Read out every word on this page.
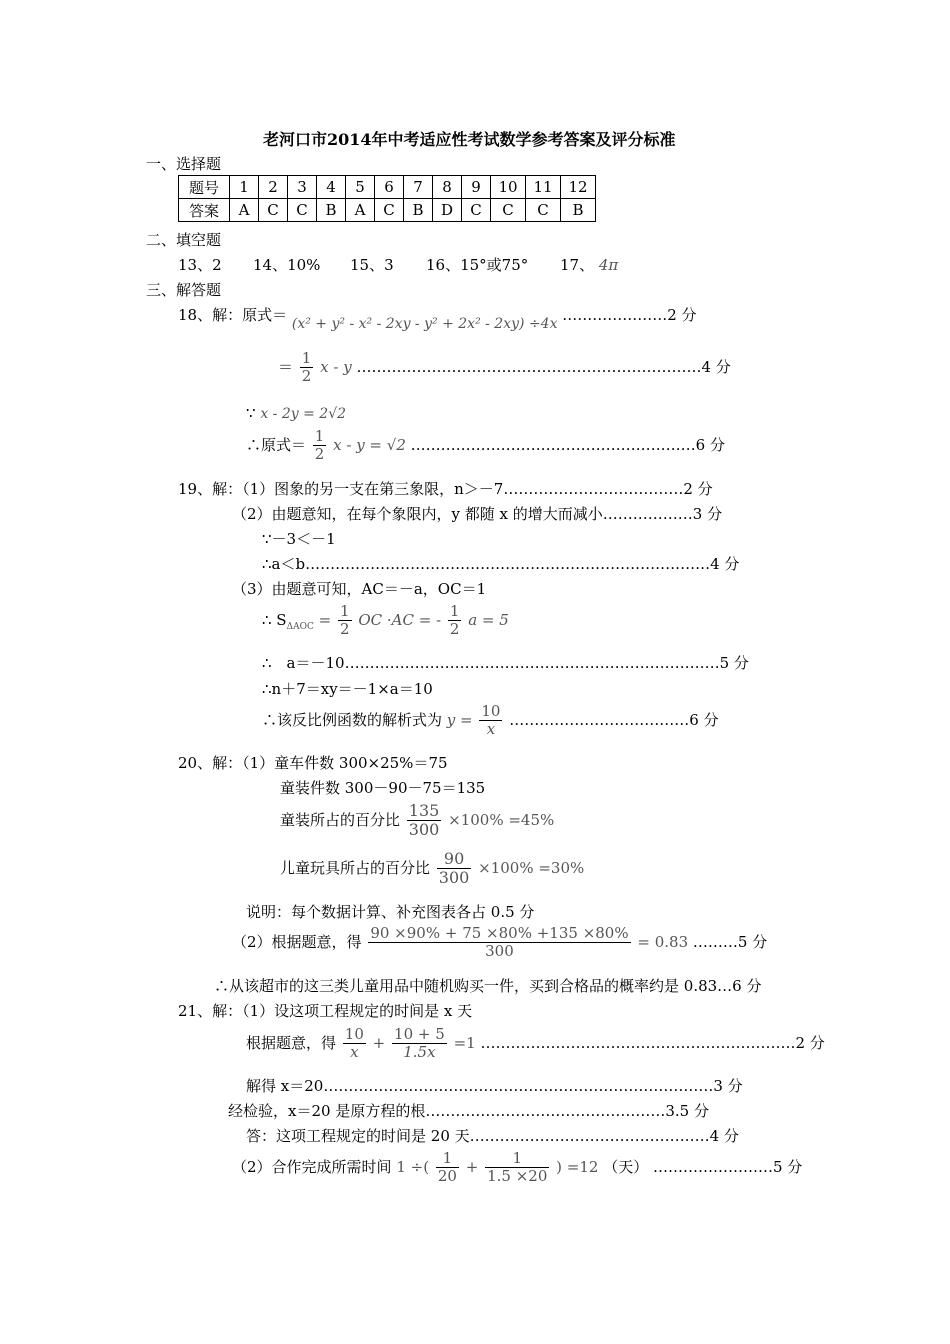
老河口市2014年中考适应性考试数学参考答案及评分标准
一、选择题
题号	1	2	3	4	5	6	7	8	9	10	11	12
答案	A	C	C	B	A	C	B	D	C	C	C	B
二、填空题
13、2 14、10% 15、3 16、15°或75° 17、 4π
三、解答题
18、解：原式＝ (x² + y² - x² - 2xy - y² + 2x² - 2xy) ÷4x …………………2 分
＝ $\frac{1}{2}$ x - y ……………………………………………………………4 分
∵ x - 2y = 2√2
∴原式＝ $\frac{1}{2}$ x - y = √2 …………………………………………………6 分
19、解：（1）图象的另一支在第三象限，n＞－7………………………………2 分
（2）由题意知，在每个象限内，y 都随 x 的增大而减小………………3 分
∵－3＜－1
∴a＜b………………………………………………………………………4 分
（3）由题意可知，AC＝－a，OC＝1
∴ $S_{\Delta AOC} = \frac{1}{2}$ OC ·AC = - $\frac{1}{2}$ a = 5
∴　a＝－10…………………………………………………………………5 分
∴n＋7＝xy＝－1×a＝10
∴该反比例函数的解析式为 $y = \frac{10}{x}$ ………………………………6 分
20、解：（1）童车件数 300×25%＝75
童装件数 300－90－75＝135
童装所占的百分比 $\frac{135}{300} \times 100\% =45\%$
儿童玩具所占的百分比 $\frac{90}{300} \times 100\% =30\%$
说明：每个数据计算、补充图表各占 0.5 分
（2）根据题意，得 $\frac{90 \times 90\% + 75 \times 80\% +135 \times 80\%}{300} = 0.83$ ………5 分
∴从该超市的这三类儿童用品中随机购买一件，买到合格品的概率约是 0.83…6 分
21、解：（1）设这项工程规定的时间是 x 天
根据题意，得 $\frac{10}{x} + \frac{10 + 5}{1.5x} =1$ ………………………………………………………2 分
解得 x＝20……………………………………………………………………3 分
经检验，x＝20 是原方程的根…………………………………………3.5 分
答：这项工程规定的时间是 20 天…………………………………………4 分
（2）合作完成所需时间 1 ÷( $\frac{1}{20} + \frac{1}{1.5 \times 20}$ ) =12 （天） ……………………5 分
